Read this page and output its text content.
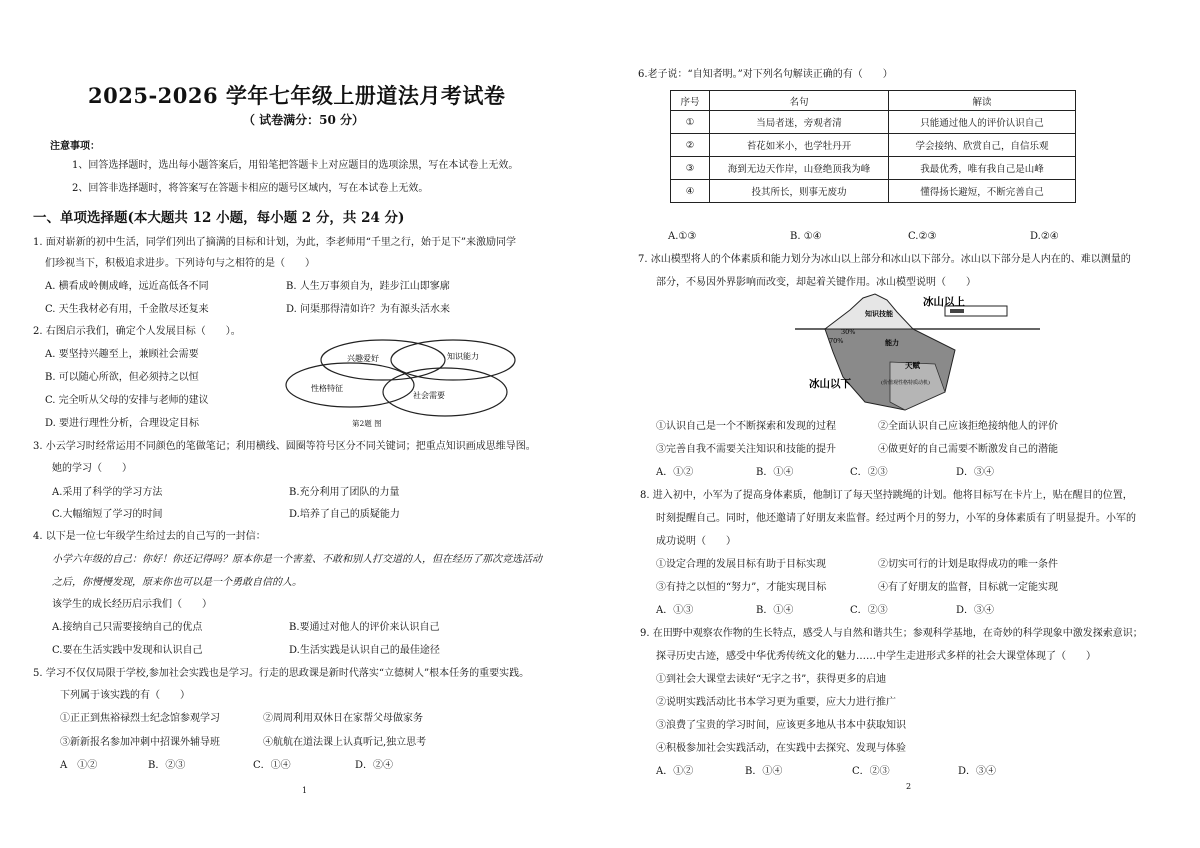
2025-2026 学年七年级上册道法月考试卷
（ 试卷满分：50 分）
注意事项：
1、回答选择题时，选出每小题答案后，用铅笔把答题卡上对应题目的选项涂黑，写在本试卷上无效。
2、回答非选择题时，将答案写在答题卡相应的题号区域内，写在本试卷上无效。
一、单项选择题(本大题共 12 小题，每小题 2 分，共 24 分)
1. 面对崭新的初中生活，同学们列出了摘满的目标和计划，为此，李老师用“千里之行，始于足下”来激励同学
们珍视当下，积极追求进步。下列诗句与之相符的是（　　）
A. 横看成岭侧成峰，远近高低各不同	B. 人生万事须自为，跬步江山即寥廓
C. 天生我材必有用，千金散尽还复来	D. 问渠那得清如许？为有源头活水来
2. 右图启示我们，确定个人发展目标（　　）。
A. 要坚持兴趣至上，兼顾社会需要
B. 可以随心所欲，但必须持之以恒
C. 完全听从父母的安排与老师的建议
D. 要进行理性分析，合理设定目标
兴趣爱好	知识能力
性格特征
社会需要
第2题 图
3. 小云学习时经常运用不同颜色的笔做笔记；利用横线、圆圈等符号区分不同关键词；把重点知识画成思维导图。
她的学习（　　）
A.采用了科学的学习方法	B.充分利用了团队的力量
C.大幅缩短了学习的时间	D.培养了自己的质疑能力
4. 以下是一位七年级学生给过去的自己写的一封信：
小学六年级的自己：你好！你还记得吗？原本你是一个害羞、不敢和别人打交道的人，但在经历了那次竞选活动
之后，你慢慢发现，原来你也可以是一个勇敢自信的人。
该学生的成长经历启示我们（　　）
A.接纳自己只需要接纳自己的优点	B.要通过对他人的评价来认识自己
C.要在生活实践中发现和认识自己	D.生活实践是认识自己的最佳途径
5. 学习不仅仅局限于学校,参加社会实践也是学习。行走的思政课是新时代落实“立德树人”根本任务的重要实践。
下列属于该实践的有（　　）
①正正到焦裕禄烈士纪念馆参观学习	②周周利用双休日在家帮父母做家务
③新新报名参加冲刺中招课外辅导班	④航航在道法课上认真听记,独立思考
A　①②	B．②③	C．①④	D．②④
1
6.老子说：“自知者明。”对下列名句解读正确的有（　　）
序号	名句	解读
①	当局者迷，旁观者清	只能通过他人的评价认识自己
②	苔花如米小，也学牡丹开	学会接纳、欣赏自己，自信乐观
③	海到无边天作岸，山登绝顶我为峰	我最优秀，唯有我自己是山峰
④	投其所长，则事无废功	懂得扬长避短，不断完善自己
A.①③	B. ①④	C.②③	D.②④
7. 冰山模型将人的个体素质和能力划分为冰山以上部分和冰山以下部分。冰山以下部分是人内在的、难以测量的
部分，不易因外界影响而改变，却起着关键作用。冰山模型说明（　　）
冰山以上
冰山以下
知识技能
30%
70%	能力
天赋
(价值观性格特质动机)
①认识自己是一个不断探索和发现的过程	②全面认识自己应该拒绝接纳他人的评价
③完善自我不需要关注知识和技能的提升	④做更好的自己需要不断激发自己的潜能
A．①②	B．①④	C．②③	D．③④
8. 进入初中，小军为了提高身体素质，他制订了每天坚持跳绳的计划。他将目标写在卡片上，贴在醒目的位置，
时刻提醒自己。同时，他还邀请了好朋友来监督。经过两个月的努力，小军的身体素质有了明显提升。小军的
成功说明（　　）
①设定合理的发展目标有助于目标实现	②切实可行的计划是取得成功的唯一条件
③有持之以恒的“努力”，才能实现目标	④有了好朋友的监督，目标就一定能实现
A．①③	B．①④	C．②③	D．③④
9. 在田野中观察农作物的生长特点，感受人与自然和谐共生；参观科学基地，在奇妙的科学现象中激发探索意识；
探寻历史古迹，感受中华优秀传统文化的魅力……中学生走进形式多样的社会大课堂体现了（　　）
①到社会大课堂去读好“无字之书”，获得更多的启迪
②说明实践活动比书本学习更为重要，应大力进行推广
③浪费了宝贵的学习时间，应该更多地从书本中获取知识
④积极参加社会实践活动，在实践中去探究、发现与体验
A．①②	B．①④	C．②③	D．③④
2
